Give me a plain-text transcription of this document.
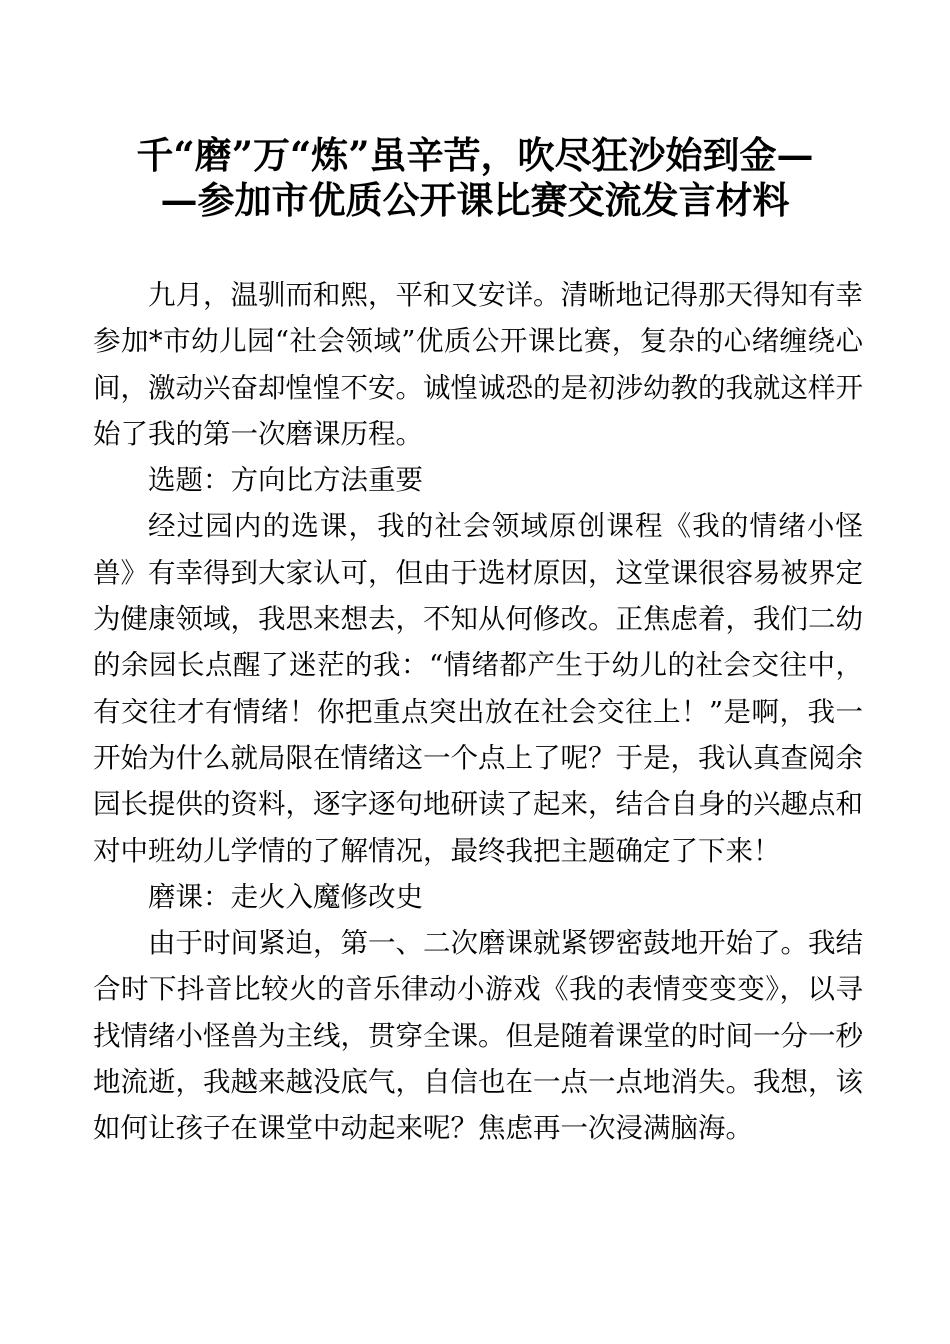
千“磨”万“炼”虽辛苦，吹尽狂沙始到金—
—参加市优质公开课比赛交流发言材料

九月，温驯而和熙，平和又安详。清晰地记得那天得知有幸参加*市幼儿园“社会领域”优质公开课比赛，复杂的心绪缠绕心间，激动兴奋却惶惶不安。诚惶诚恐的是初涉幼教的我就这样开始了我的第一次磨课历程。

选题：方向比方法重要

经过园内的选课，我的社会领域原创课程《我的情绪小怪兽》有幸得到大家认可，但由于选材原因，这堂课很容易被界定为健康领域，我思来想去，不知从何修改。正焦虑着，我们二幼的余园长点醒了迷茫的我：“情绪都产生于幼儿的社会交往中，有交往才有情绪！你把重点突出放在社会交往上！”是啊，我一开始为什么就局限在情绪这一个点上了呢？于是，我认真查阅余园长提供的资料，逐字逐句地研读了起来，结合自身的兴趣点和对中班幼儿学情的了解情况，最终我把主题确定了下来！

磨课：走火入魔修改史

由于时间紧迫，第一、二次磨课就紧锣密鼓地开始了。我结合时下抖音比较火的音乐律动小游戏《我的表情变变变》，以寻找情绪小怪兽为主线，贯穿全课。但是随着课堂的时间一分一秒地流逝，我越来越没底气，自信也在一点一点地消失。我想，该如何让孩子在课堂中动起来呢？焦虑再一次浸满脑海。
